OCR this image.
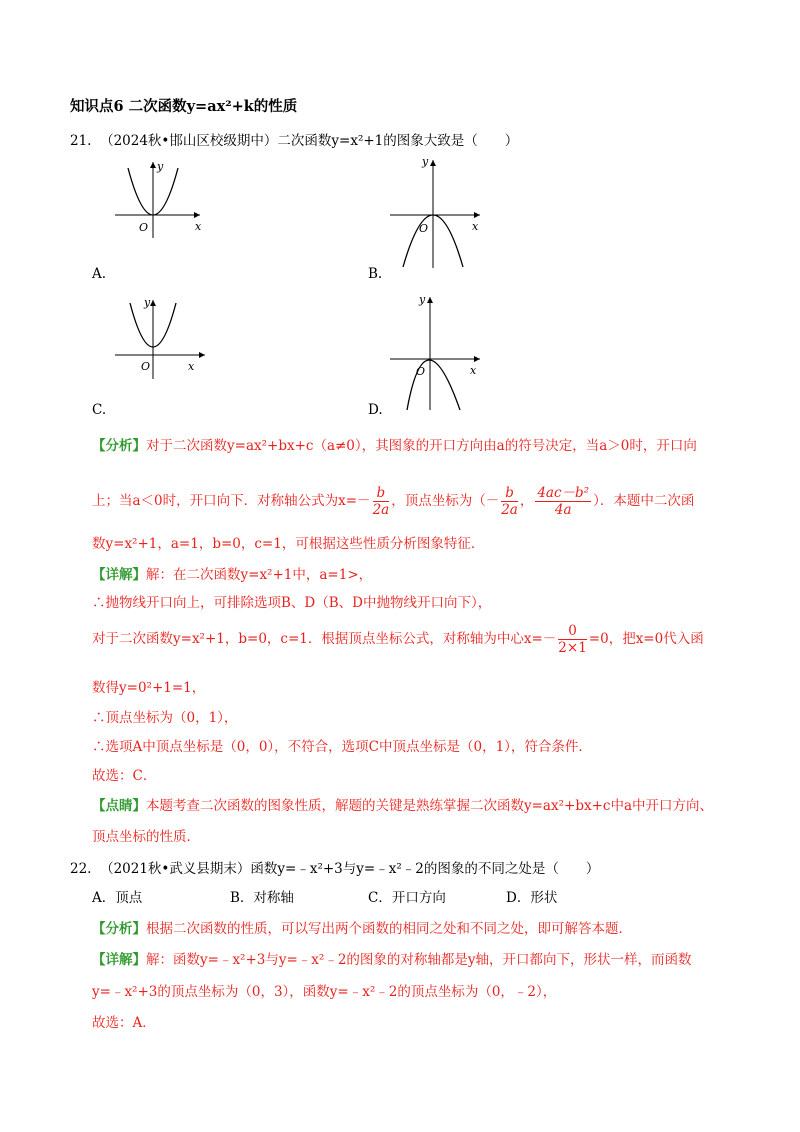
知识点6 二次函数y=ax²+k的性质
21. （2024秋•邯山区校级期中）二次函数y=x²+1的图象大致是（　　）
y
x
O
A.
y
x
O
B.
y
x
O
C.
y
x
O
D.
【分析】对于二次函数y=ax²+bx+c（a≠0），其图象的开口方向由a的符号决定，当a＞0时，开口向
上；当a＜0时，开口向下．对称轴公式为$x=- \frac{b}{2a}$ ，顶点坐标为（－ $\frac{b}{2a}$ ， $\frac{\text{4ac－b²}}{4a}$ ）．本题中二次函
数y=x²+1，a=1，b=0，c=1，可根据这些性质分析图象特征．
【详解】解：在二次函数y=x²+1中，a=1>，
∴抛物线开口向上，可排除选项B、D（B、D中抛物线开口向下），
对于二次函数y=x²+1，b=0，c=1．根据顶点坐标公式，对称轴为中心$x=- \frac{0}{2\times 1} =0$，把x=0代入函
数得y=0²+1=1，
∴顶点坐标为（0，1），
∴选项A中顶点坐标是（0，0），不符合，选项C中顶点坐标是（0，1），符合条件．
故选：C．
【点睛】本题考查二次函数的图象性质，解题的关键是熟练掌握二次函数y=ax²+bx+c中a中开口方向、
顶点坐标的性质．
22. （2021秋•武义县期末）函数y=﹣x²+3与y=﹣x²﹣2的图象的不同之处是（　　）
A．顶点	B．对称轴	C．开口方向	D．形状
【分析】根据二次函数的性质，可以写出两个函数的相同之处和不同之处，即可解答本题．
【详解】解：函数y=﹣x²+3与y=﹣x²﹣2的图象的对称轴都是y轴，开口都向下，形状一样，而函数
y=﹣x²+3的顶点坐标为（0，3），函数y=﹣x²﹣2的顶点坐标为（0，﹣2），
故选：A．
